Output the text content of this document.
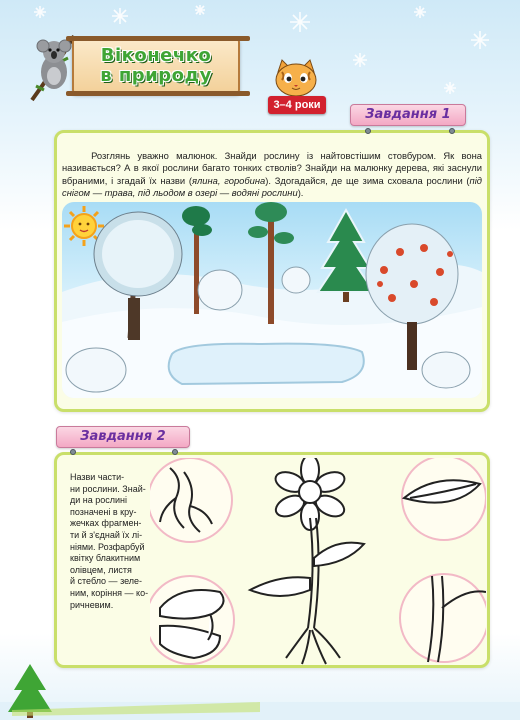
Віконечко
в природу
3–4 роки
Завдання 1
Розглянь уважно малюнок. Знайди рослину із найтовстішим стовбуром. Як вона називається? А в якої рослини багато тонких стволів? Знайди на малюнку дерева, які заснули вбраними, і згадай їх назви (ялина, горобина). Здогадайся, де ще зима сховала рослини (під снігом — трава, під льодом в озері — водяні рослини).
Завдання 2
Назви части-
ни рослини. Знай-
ди на рослині
позначені в кру-
жечках фрагмен-
ти й з'єднай їх лі-
ніями. Розфарбуй
квітку блакитним
олівцем, листя
й стебло — зеле-
ним, коріння — ко-
ричневим.
